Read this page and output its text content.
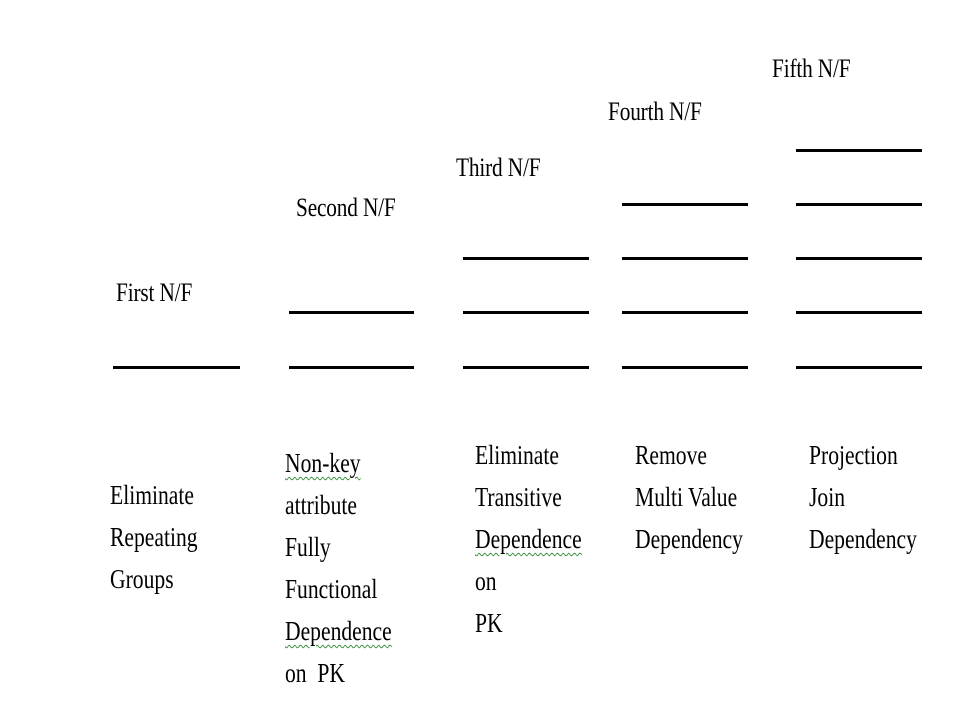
First N/F
Eliminate
Repeating
Groups
Second N/F
Non-key
attribute
Fully
Functional
Dependence
on  PK
Third N/F
Eliminate
Transitive
Dependence
on
PK
Fourth N/F
Remove
Multi Value
Dependency
Fifth N/F
Projection
Join
Dependency
